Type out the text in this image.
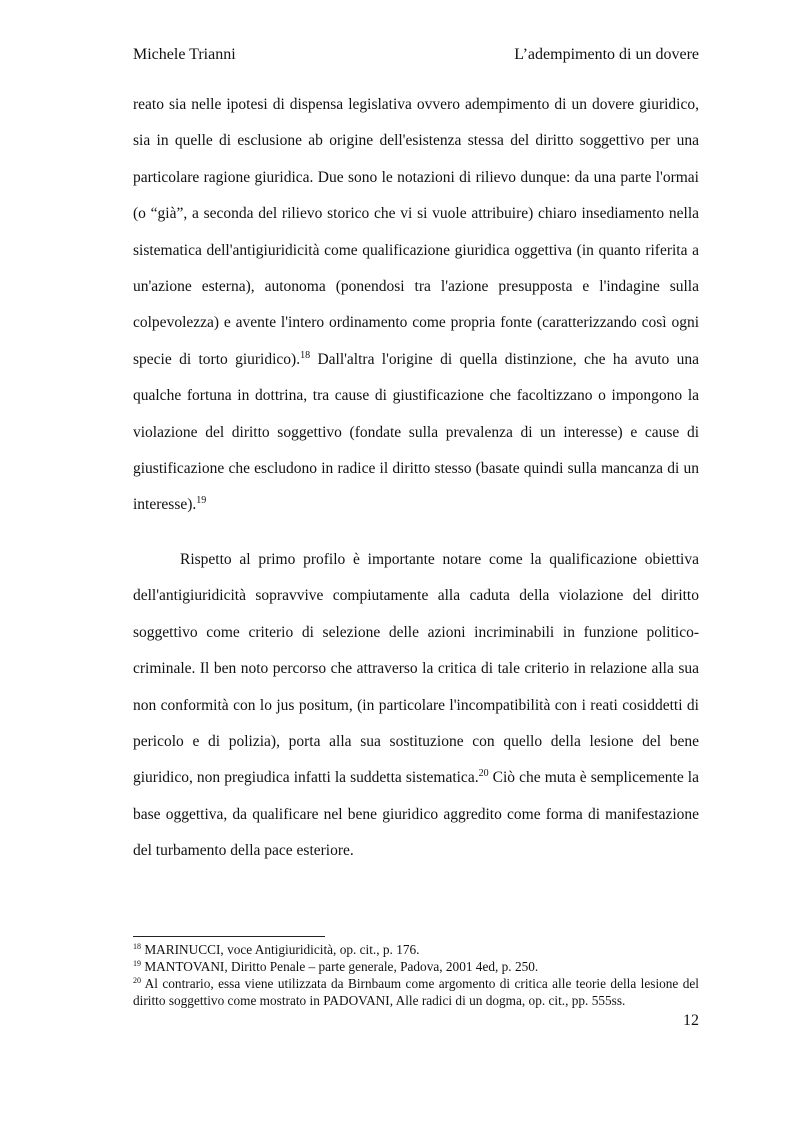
Michele Trianni	L’adempimento di un dovere

reato sia nelle ipotesi di dispensa legislativa ovvero adempimento di un dovere giuridico, sia in quelle di esclusione ab origine dell'esistenza stessa del diritto soggettivo per una particolare ragione giuridica. Due sono le notazioni di rilievo dunque: da una parte l'ormai (o “già”, a seconda del rilievo storico che vi si vuole attribuire) chiaro insediamento nella sistematica dell'antigiuridicità come qualificazione giuridica oggettiva (in quanto riferita a un'azione esterna), autonoma (ponendosi tra l'azione presupposta e l'indagine sulla colpevolezza) e avente l'intero ordinamento come propria fonte (caratterizzando così ogni specie di torto giuridico).$^{18}$ Dall'altra l'origine di quella distinzione, che ha avuto una qualche fortuna in dottrina, tra cause di giustificazione che facoltizzano o impongono la violazione del diritto soggettivo (fondate sulla prevalenza di un interesse) e cause di giustificazione che escludono in radice il diritto stesso (basate quindi sulla mancanza di un interesse).$^{19}$

Rispetto al primo profilo è importante notare come la qualificazione obiettiva dell'antigiuridicità sopravvive compiutamente alla caduta della violazione del diritto soggettivo come criterio di selezione delle azioni incriminabili in funzione politico-criminale. Il ben noto percorso che attraverso la critica di tale criterio in relazione alla sua non conformità con lo jus positum, (in particolare l'incompatibilità con i reati cosiddetti di pericolo e di polizia), porta alla sua sostituzione con quello della lesione del bene giuridico, non pregiudica infatti la suddetta sistematica.$^{20}$ Ciò che muta è semplicemente la base oggettiva, da qualificare nel bene giuridico aggredito come forma di manifestazione del turbamento della pace esteriore.

$^{18}$ MARINUCCI, voce Antigiuridicità, op. cit., p. 176.

$^{19}$ MANTOVANI, Diritto Penale – parte generale, Padova, 2001 4ed, p. 250.

$^{20}$ Al contrario, essa viene utilizzata da Birnbaum come argomento di critica alle teorie della lesione del diritto soggettivo come mostrato in PADOVANI, Alle radici di un dogma, op. cit., pp. 555ss.

12
